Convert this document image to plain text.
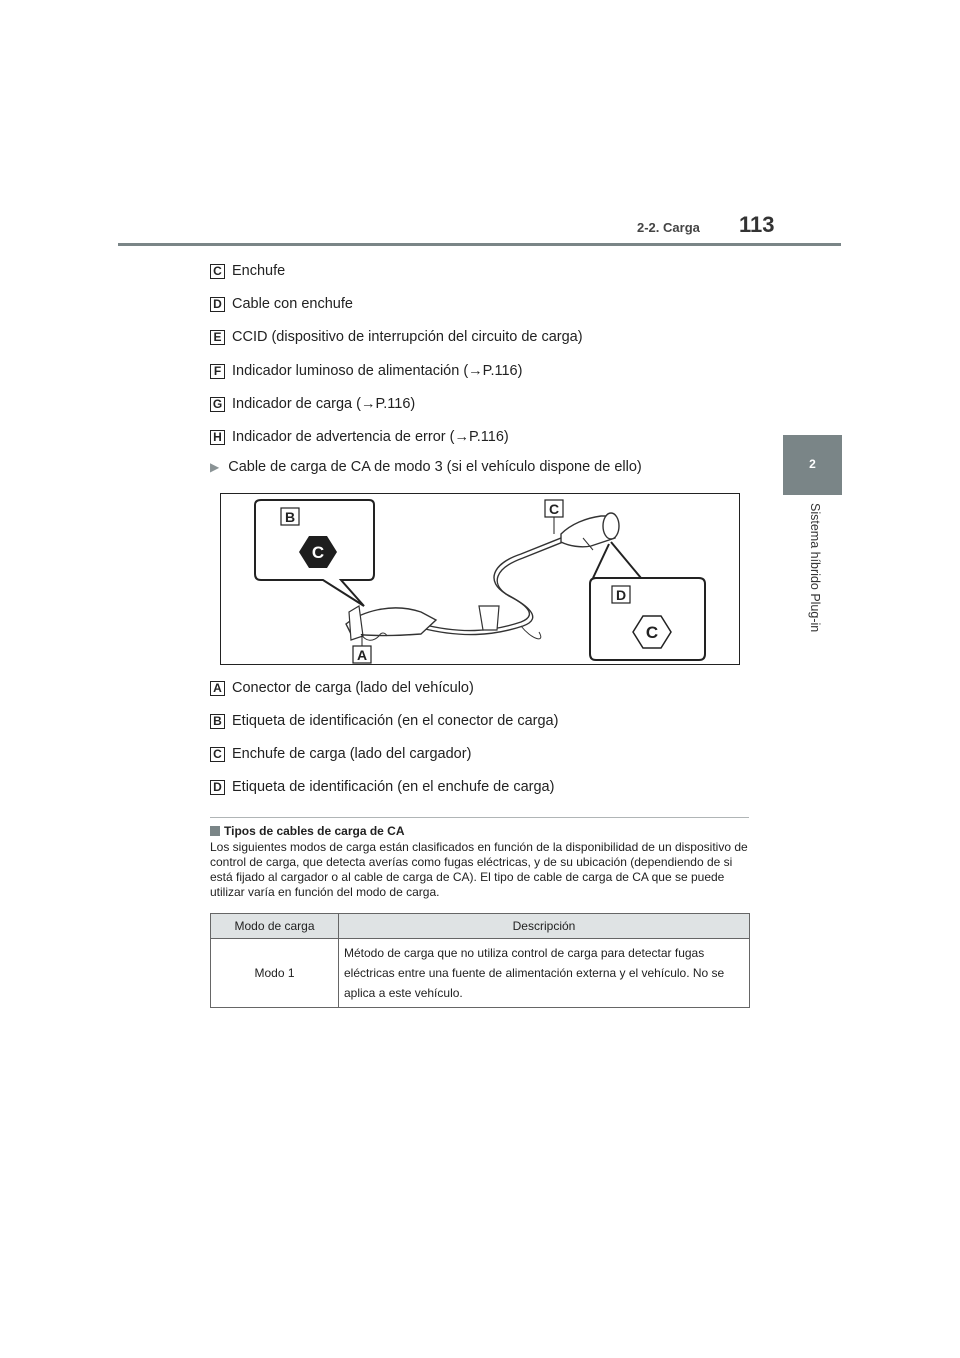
2-2. Carga 113
2
Sistema híbrido Plug-in
C Enchufe
D Cable con enchufe
E CCID (dispositivo de interrupción del circuito de carga)
F Indicador luminoso de alimentación (→P.116)
G Indicador de carga (→P.116)
H Indicador de advertencia de error (→P.116)
▶ Cable de carga de CA de modo 3 (si el vehículo dispone de ello)
B
C
D
C
C
A
A Conector de carga (lado del vehículo)
B Etiqueta de identificación (en el conector de carga)
C Enchufe de carga (lado del cargador)
D Etiqueta de identificación (en el enchufe de carga)
Tipos de cables de carga de CA
Los siguientes modos de carga están clasificados en función de la disponibilidad de un dispositivo de control de carga, que detecta averías como fugas eléctricas, y de su ubicación (dependiendo de si está fijado al cargador o al cable de carga de CA). El tipo de cable de carga de CA que se puede utilizar varía en función del modo de carga.
Modo de carga	Descripción
Modo 1	Método de carga que no utiliza control de carga para detectar fugas eléctricas entre una fuente de alimentación externa y el vehículo. No se aplica a este vehículo.
